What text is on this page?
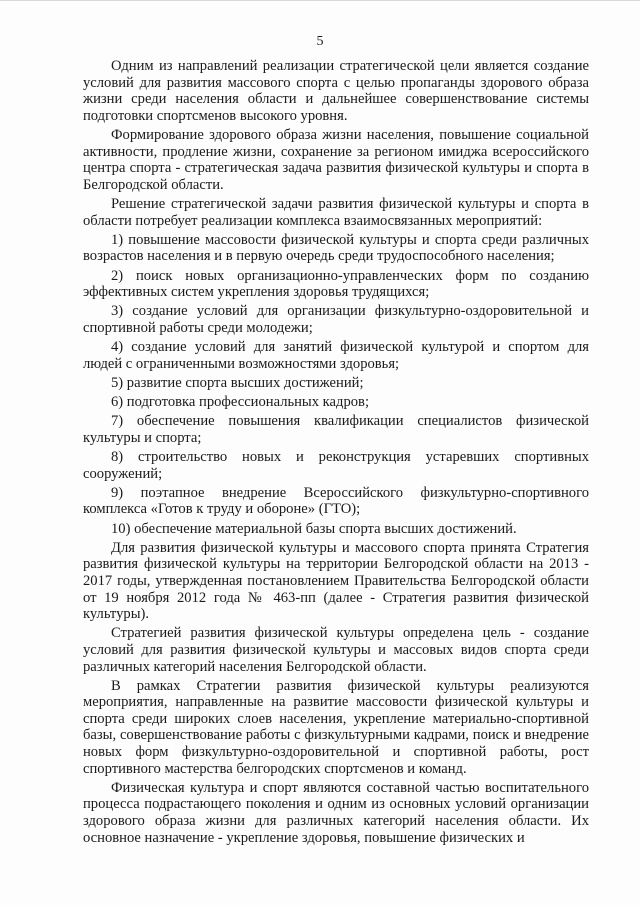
5

Одним из направлений реализации стратегической цели является создание условий для развития массового спорта с целью пропаганды здорового образа жизни среди населения области и дальнейшее совершенствование системы подготовки спортсменов высокого уровня.

Формирование здорового образа жизни населения, повышение социальной активности, продление жизни, сохранение за регионом имиджа всероссийского центра спорта - стратегическая задача развития физической культуры и спорта в Белгородской области.

Решение стратегической задачи развития физической культуры и спорта в области потребует реализации комплекса взаимосвязанных мероприятий:

1) повышение массовости физической культуры и спорта среди различных возрастов населения и в первую очередь среди трудоспособного населения;

2) поиск новых организационно-управленческих форм по созданию эффективных систем укрепления здоровья трудящихся;

3) создание условий для организации физкультурно-оздоровительной и спортивной работы среди молодежи;

4) создание условий для занятий физической культурой и спортом для людей с ограниченными возможностями здоровья;

5) развитие спорта высших достижений;

6) подготовка профессиональных кадров;

7) обеспечение повышения квалификации специалистов физической культуры и спорта;

8) строительство новых и реконструкция устаревших спортивных сооружений;

9) поэтапное внедрение Всероссийского физкультурно-спортивного комплекса «Готов к труду и обороне» (ГТО);

10) обеспечение материальной базы спорта высших достижений.

Для развития физической культуры и массового спорта принята Стратегия развития физической культуры на территории Белгородской области на 2013 - 2017 годы, утвержденная постановлением Правительства Белгородской области от 19 ноября 2012 года № 463-пп (далее - Стратегия развития физической культуры).

Стратегией развития физической культуры определена цель - создание условий для развития физической культуры и массовых видов спорта среди различных категорий населения Белгородской области.

В рамках Стратегии развития физической культуры реализуются мероприятия, направленные на развитие массовости физической культуры и спорта среди широких слоев населения, укрепление материально-спортивной базы, совершенствование работы с физкультурными кадрами, поиск и внедрение новых форм физкультурно-оздоровительной и спортивной работы, рост спортивного мастерства белгородских спортсменов и команд.

Физическая культура и спорт являются составной частью воспитательного процесса подрастающего поколения и одним из основных условий организации здорового образа жизни для различных категорий населения области. Их основное назначение - укрепление здоровья, повышение физических и
